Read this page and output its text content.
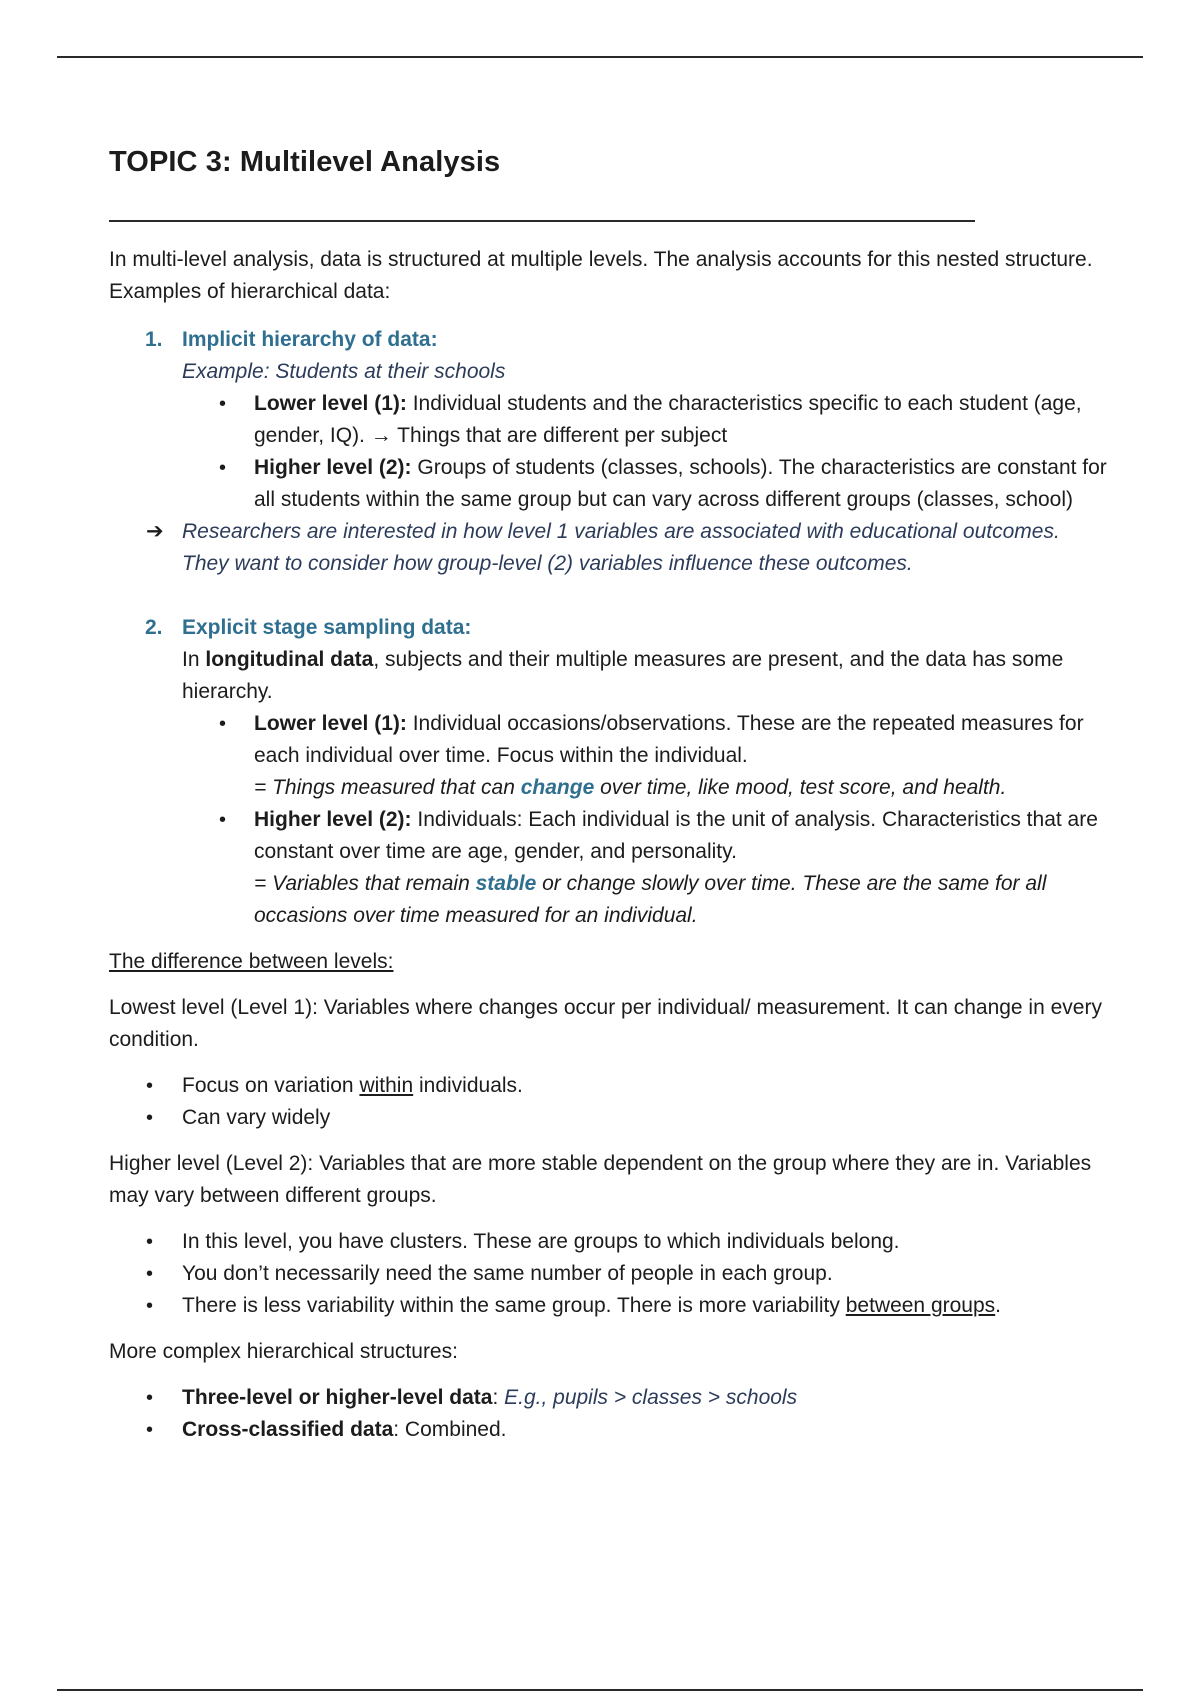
TOPIC 3: Multilevel Analysis

In multi-level analysis, data is structured at multiple levels. The analysis accounts for this nested structure. Examples of hierarchical data:

1. Implicit hierarchy of data:
Example: Students at their schools
• Lower level (1): Individual students and the characteristics specific to each student (age, gender, IQ). → Things that are different per subject
• Higher level (2): Groups of students (classes, schools). The characteristics are constant for all students within the same group but can vary across different groups (classes, school)
➔ Researchers are interested in how level 1 variables are associated with educational outcomes. They want to consider how group-level (2) variables influence these outcomes.
2. Explicit stage sampling data:
In longitudinal data, subjects and their multiple measures are present, and the data has some hierarchy.
• Lower level (1): Individual occasions/observations. These are the repeated measures for each individual over time. Focus within the individual.
= Things measured that can change over time, like mood, test score, and health.
• Higher level (2): Individuals: Each individual is the unit of analysis. Characteristics that are constant over time are age, gender, and personality.
= Variables that remain stable or change slowly over time. These are the same for all occasions over time measured for an individual.

The difference between levels:

Lowest level (Level 1): Variables where changes occur per individual/ measurement. It can change in every condition.

• Focus on variation within individuals.
• Can vary widely

Higher level (Level 2): Variables that are more stable dependent on the group where they are in. Variables may vary between different groups.

• In this level, you have clusters. These are groups to which individuals belong.
• You don’t necessarily need the same number of people in each group.
• There is less variability within the same group. There is more variability between groups.

More complex hierarchical structures:

• Three-level or higher-level data: E.g., pupils > classes > schools
• Cross-classified data: Combined.
